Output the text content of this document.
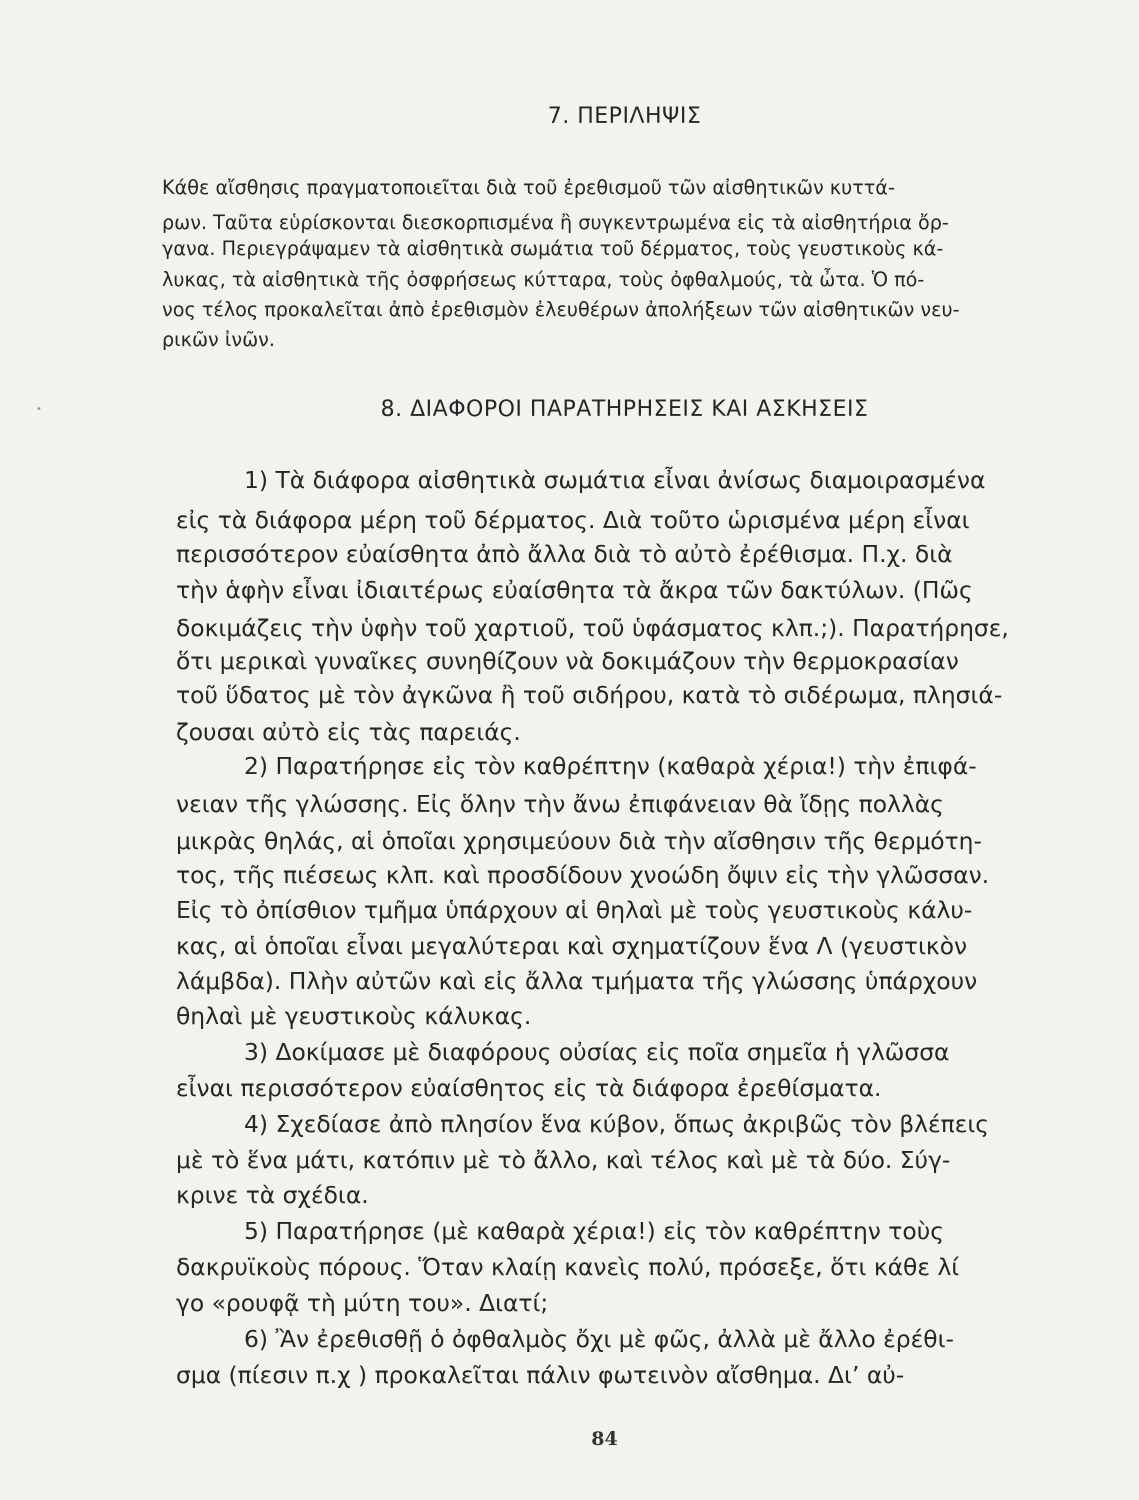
•
7. ΠΕΡΙΛΗΨΙΣ

Κάθε αἴσθησις πραγματοποιεῖται διὰ τοῦ ἐρεθισμοῦ τῶν αἰσθητικῶν κυττά-

ρων. Ταῦτα εὑρίσκονται διεσκορπισμένα ἢ συγκεντρωμένα εἰς τὰ αἰσθητήρια ὄρ-

γανα. Περιεγράψαμεν τὰ αἰσθητικὰ σωμάτια τοῦ δέρματος, τοὺς γευστικοὺς κά-

λυκας, τὰ αἰσθητικὰ τῆς ὀσφρήσεως κύτταρα, τοὺς ὀφθαλμούς, τὰ ὦτα. Ὁ πό-

νος τέλος προκαλεῖται ἀπὸ ἐρεθισμὸν ἐλευθέρων ἀπολήξεων τῶν αἰσθητικῶν νευ-

ρικῶν ἰνῶν.

8. ΔΙΑΦΟΡΟΙ ΠΑΡΑΤΗΡΗΣΕΙΣ ΚΑΙ ΑΣΚΗΣΕΙΣ

1) Τὰ διάφορα αἰσθητικὰ σωμάτια εἶναι ἀνίσως διαμοιρασμένα

εἰς τὰ διάφορα μέρη τοῦ δέρματος. Διὰ τοῦτο ὡρισμένα μέρη εἶναι

περισσότερον εὐαίσθητα ἀπὸ ἄλλα διὰ τὸ αὐτὸ ἐρέθισμα. Π.χ. διὰ

τὴν ἁφὴν εἶναι ἰδιαιτέρως εὐαίσθητα τὰ ἄκρα τῶν δακτύλων. (Πῶς

δοκιμάζεις τὴν ὑφὴν τοῦ χαρτιοῦ, τοῦ ὑφάσματος κλπ.;). Παρατήρησε,

ὅτι μερικαὶ γυναῖκες συνηθίζουν νὰ δοκιμάζουν τὴν θερμοκρασίαν

τοῦ ὕδατος μὲ τὸν ἀγκῶνα ἢ τοῦ σιδήρου, κατὰ τὸ σιδέρωμα, πλησιά-

ζουσαι αὐτὸ εἰς τὰς παρειάς.

2) Παρατήρησε εἰς τὸν καθρέπτην (καθαρὰ χέρια!) τὴν ἐπιφά-

νειαν τῆς γλώσσης. Εἰς ὅλην τὴν ἄνω ἐπιφάνειαν θὰ ἴδῃς πολλὰς

μικρὰς θηλάς, αἱ ὁποῖαι χρησιμεύουν διὰ τὴν αἴσθησιν τῆς θερμότη-

τος, τῆς πιέσεως κλπ. καὶ προσδίδουν χνοώδη ὄψιν εἰς τὴν γλῶσσαν.

Εἰς τὸ ὀπίσθιον τμῆμα ὑπάρχουν αἱ θηλαὶ μὲ τοὺς γευστικοὺς κάλυ-

κας, αἱ ὁποῖαι εἶναι μεγαλύτεραι καὶ σχηματίζουν ἕνα Λ (γευστικὸν

λάμβδα). Πλὴν αὐτῶν καὶ εἰς ἄλλα τμήματα τῆς γλώσσης ὑπάρχουν

θηλαὶ μὲ γευστικοὺς κάλυκας.

3) Δοκίμασε μὲ διαφόρους οὐσίας εἰς ποῖα σημεῖα ἡ γλῶσσα

εἶναι περισσότερον εὐαίσθητος εἰς τὰ διάφορα ἐρεθίσματα.

4) Σχεδίασε ἀπὸ πλησίον ἕνα κύβον, ὅπως ἀκριβῶς τὸν βλέπεις

μὲ τὸ ἕνα μάτι, κατόπιν μὲ τὸ ἄλλο, καὶ τέλος καὶ μὲ τὰ δύο. Σύγ-

κρινε τὰ σχέδια.

5) Παρατήρησε (μὲ καθαρὰ χέρια!) εἰς τὸν καθρέπτην τοὺς

δακρυϊκοὺς πόρους. Ὅταν κλαίῃ κανεὶς πολύ, πρόσεξε, ὅτι κάθε λί

γο «ρουφᾷ τὴ μύτη του». Διατί;

6) Ἂν ἐρεθισθῇ ὁ ὀφθαλμὸς ὄχι μὲ φῶς, ἀλλὰ μὲ ἄλλο ἐρέθι-

σμα (πίεσιν π.χ ) προκαλεῖται πάλιν φωτεινὸν αἴσθημα. Δι’ αὐ-

84
